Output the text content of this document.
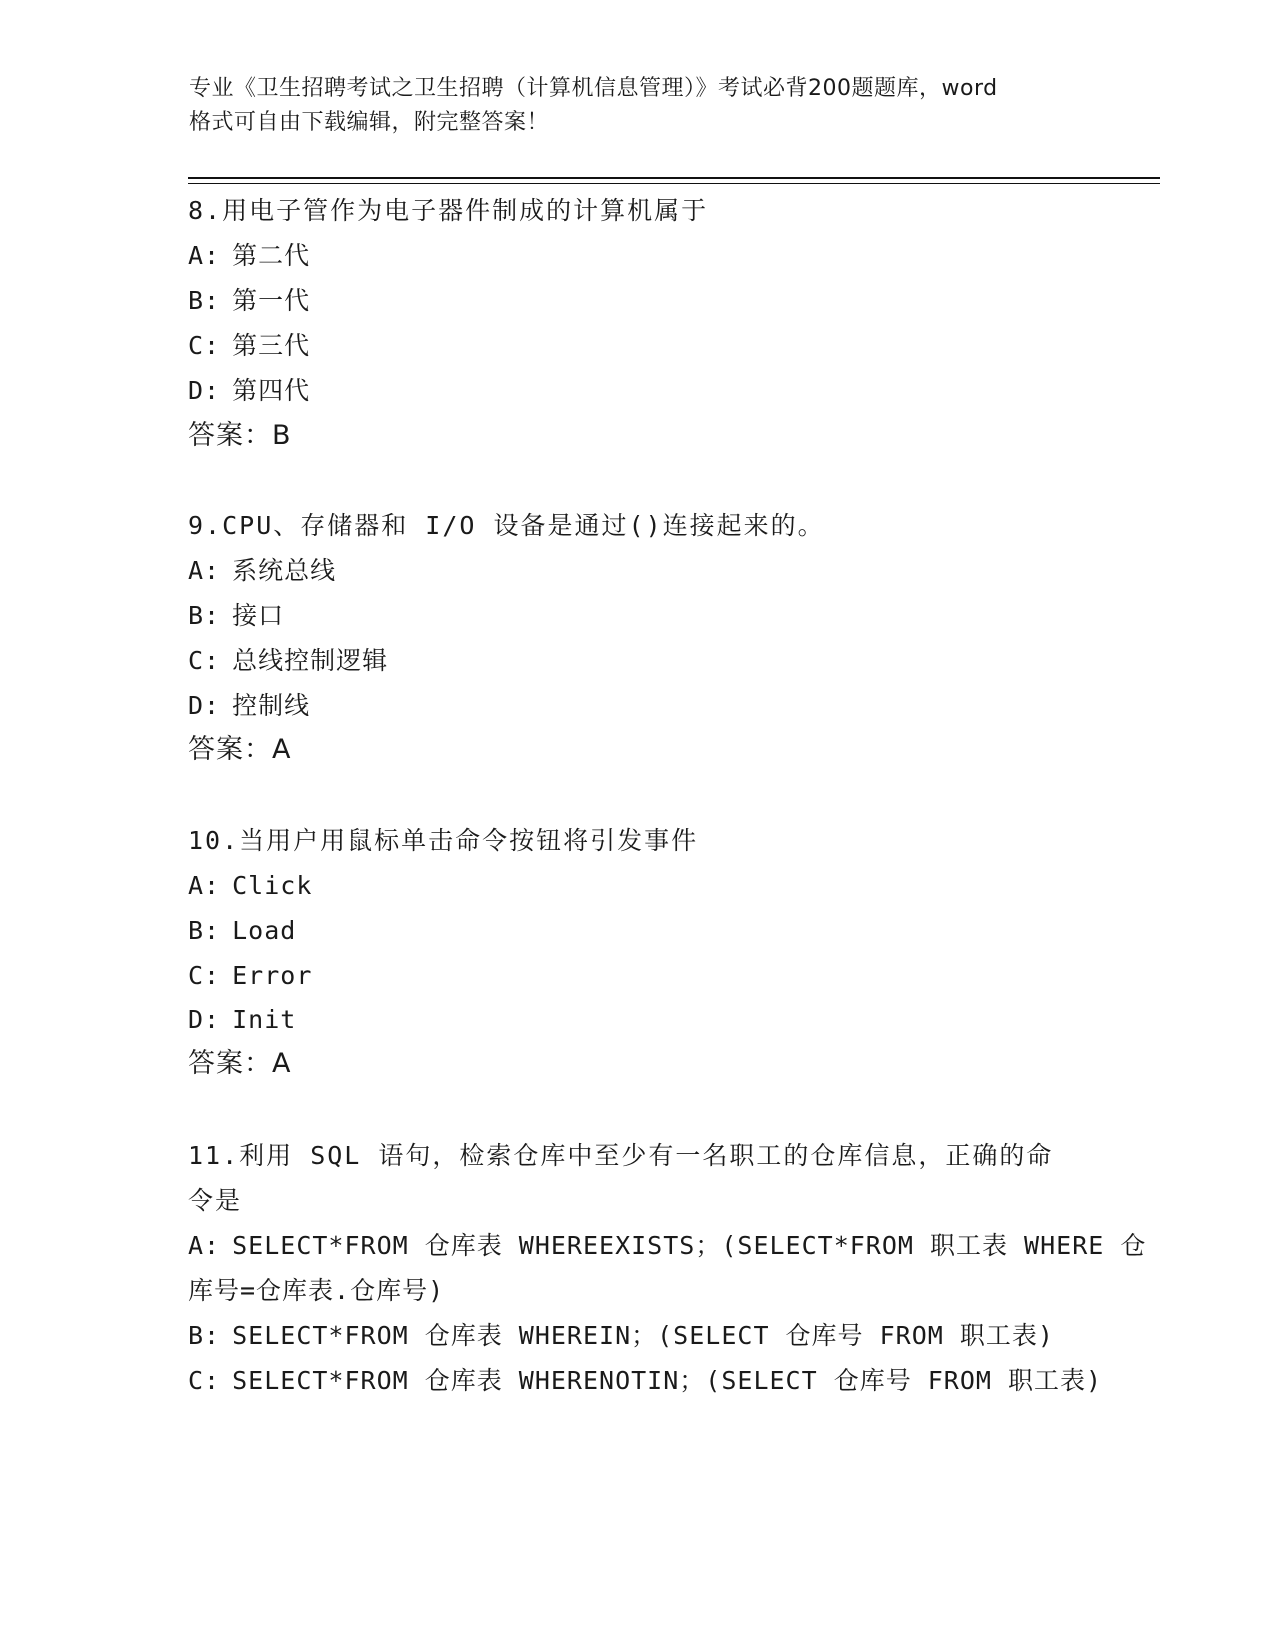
专业《卫生招聘考试之卫生招聘（计算机信息管理）》考试必背200题题库，word
格式可自由下载编辑，附完整答案！
8.用电子管作为电子器件制成的计算机属于
A: 第二代
B: 第一代
C: 第三代
D: 第四代
答案：B
9.CPU、存储器和 I/O 设备是通过()连接起来的。
A: 系统总线
B: 接口
C: 总线控制逻辑
D: 控制线
答案：A
10.当用户用鼠标单击命令按钮将引发事件
A: Click
B: Load
C: Error
D: Init
答案：A
11.利用 SQL 语句，检索仓库中至少有一名职工的仓库信息，正确的命
令是
A: SELECT*FROM 仓库表 WHEREEXISTS；(SELECT*FROM 职工表 WHERE 仓
库号=仓库表.仓库号)
B: SELECT*FROM 仓库表 WHEREIN；(SELECT 仓库号 FROM 职工表)
C: SELECT*FROM 仓库表 WHERENOTIN；(SELECT 仓库号 FROM 职工表)
